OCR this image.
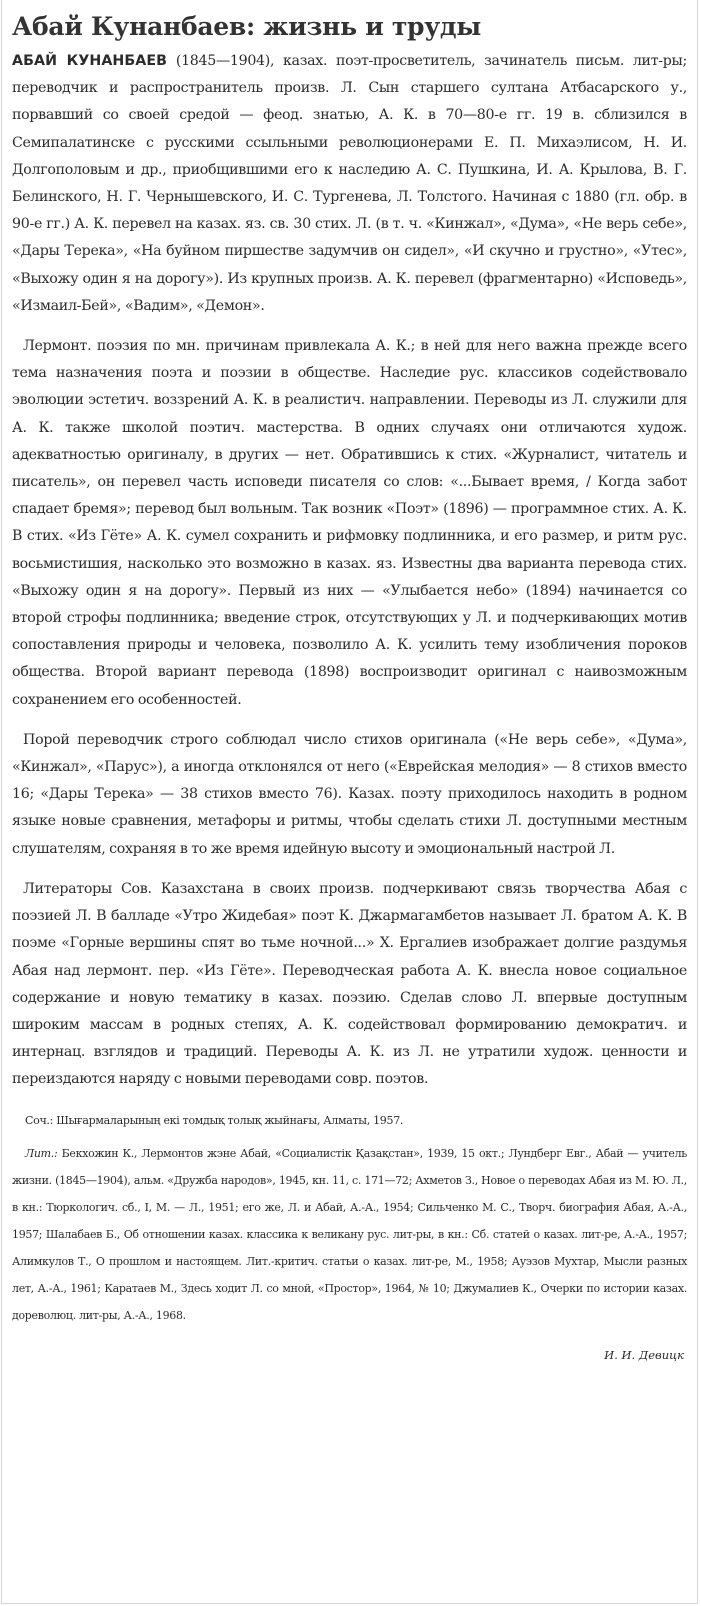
Абай Кунанбаев: жизнь и труды

АБАЙ КУНАНБАЕВ (1845—1904), казах. поэт-просветитель, зачинатель письм. лит-ры; переводчик и распространитель произв. Л. Сын старшего султана Атбасарского у., порвавший со своей средой — феод. знатью, А. К. в 70—80-е гг. 19 в. сблизился в Семипалатинске с русскими ссыльными революционерами Е. П. Михаэлисом, Н. И. Долгополовым и др., приобщившими его к наследию А. С. Пушкина, И. А. Крылова, В. Г. Белинского, Н. Г. Чернышевского, И. С. Тургенева, Л. Толстого. Начиная с 1880 (гл. обр. в 90-е гг.) А. К. перевел на казах. яз. св. 30 стих. Л. (в т. ч. «Кинжал», «Дума», «Не верь себе», «Дары Терека», «На буйном пиршестве задумчив он сидел», «И скучно и грустно», «Утес», «Выхожу один я на дорогу»). Из крупных произв. А. К. перевел (фрагментарно) «Исповедь», «Измаил-Бей», «Вадим», «Демон».

Лермонт. поэзия по мн. причинам привлекала А. К.; в ней для него важна прежде всего тема назначения поэта и поэзии в обществе. Наследие рус. классиков содействовало эволюции эстетич. воззрений А. К. в реалистич. направлении. Переводы из Л. служили для А. К. также школой поэтич. мастерства. В одних случаях они отличаются худож. адекватностью оригиналу, в других — нет. Обратившись к стих. «Журналист, читатель и писатель», он перевел часть исповеди писателя со слов: «...Бывает время, / Когда забот спадает бремя»; перевод был вольным. Так возник «Поэт» (1896) — программное стих. А. К. В стих. «Из Гёте» А. К. сумел сохранить и рифмовку подлинника, и его размер, и ритм рус. восьмистишия, насколько это возможно в казах. яз. Известны два варианта перевода стих. «Выхожу один я на дорогу». Первый из них — «Улыбается небо» (1894) начинается со второй строфы подлинника; введение строк, отсутствующих у Л. и подчеркивающих мотив сопоставления природы и человека, позволило А. К. усилить тему изобличения пороков общества. Второй вариант перевода (1898) воспроизводит оригинал с наивозможным сохранением его особенностей.

Порой переводчик строго соблюдал число стихов оригинала («Не верь себе», «Дума», «Кинжал», «Парус»), а иногда отклонялся от него («Еврейская мелодия» — 8 стихов вместо 16; «Дары Терека» — 38 стихов вместо 76). Казах. поэту приходилось находить в родном языке новые сравнения, метафоры и ритмы, чтобы сделать стихи Л. доступными местным слушателям, сохраняя в то же время идейную высоту и эмоциональный настрой Л.

Литераторы Сов. Казахстана в своих произв. подчеркивают связь творчества Абая с поэзией Л. В балладе «Утро Жидебая» поэт К. Джармагамбетов называет Л. братом А. К. В поэме «Горные вершины спят во тьме ночной...» Х. Ергалиев изображает долгие раздумья Абая над лермонт. пер. «Из Гёте». Переводческая работа А. К. внесла новое социальное содержание и новую тематику в казах. поэзию. Сделав слово Л. впервые доступным широким массам в родных степях, А. К. содействовал формированию демократич. и интернац. взглядов и традиций. Переводы А. К. из Л. не утратили худож. ценности и переиздаются наряду с новыми переводами совр. поэтов.

Соч.: Шығармаларының екі томдық толық жыйнағы, Алматы, 1957.

Лит.: Бекхожин К., Лермонтов жэне Абай, «Социалистік Қазақстан», 1939, 15 окт.; Лундберг Евг., Абай — учитель жизни. (1845—1904), альм. «Дружба народов», 1945, кн. 11, с. 171—72; Ахметов З., Новое о переводах Абая из М. Ю. Л., в кн.: Тюркологич. сб., I, М. — Л., 1951; его же, Л. и Абай, А.-А., 1954; Сильченко М. С., Творч. биография Абая, А.-А., 1957; Шалабаев Б., Об отношении казах. классика к великану рус. лит-ры, в кн.: Сб. статей о казах. лит-ре, А.-А., 1957; Алимкулов Т., О прошлом и настоящем. Лит.-критич. статьи о казах. лит-ре, М., 1958; Ауэзов Мухтар, Мысли разных лет, А.-А., 1961; Каратаев М., Здесь ходит Л. со мной, «Простор», 1964, № 10; Джумалиев К., Очерки по истории казах. дореволюц. лит-ры, А.-А., 1968.

И. И. Девицк
